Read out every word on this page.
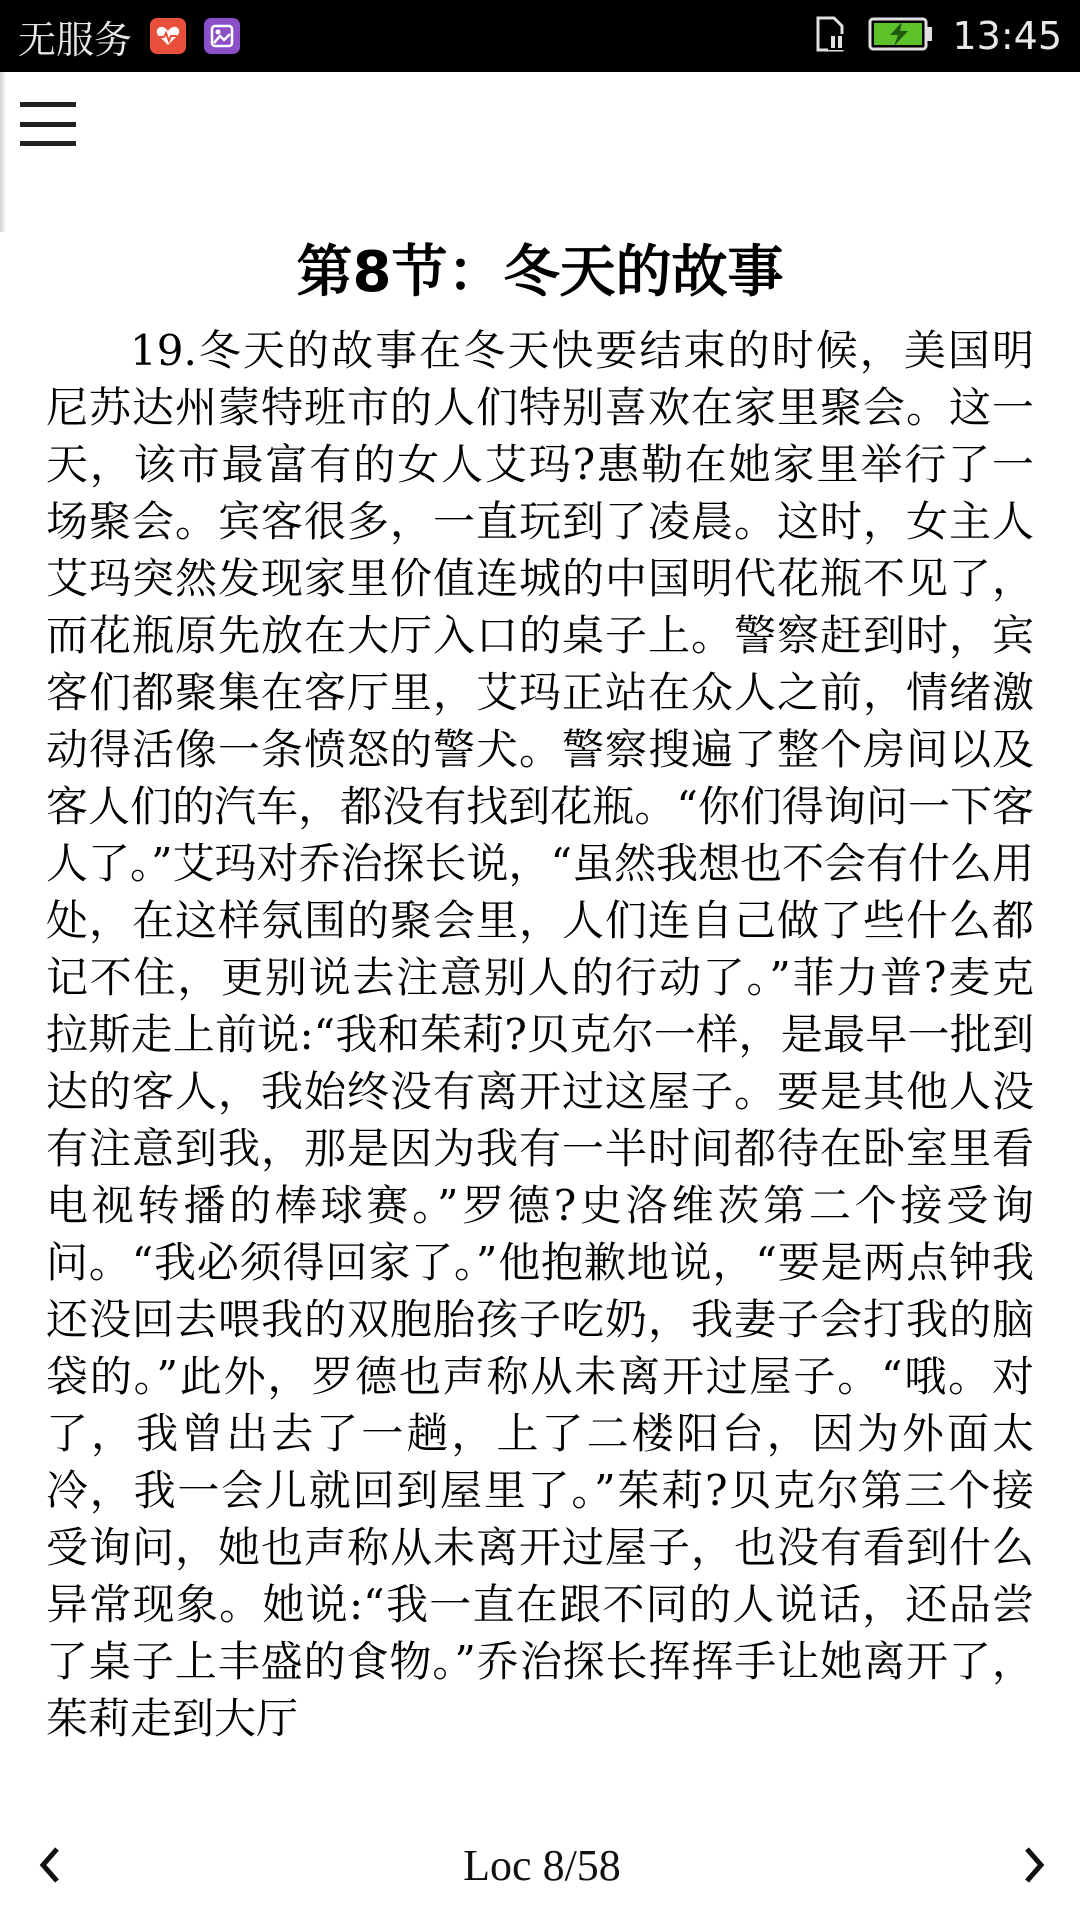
无服务	13:45
第8节：冬天的故事

19.冬天的故事在冬天快要结束的时候，美国明尼苏达州蒙特班市的人们特别喜欢在家里聚会。这一天，该市最富有的女人艾玛?惠勒在她家里举行了一场聚会。宾客很多，一直玩到了凌晨。这时，女主人艾玛突然发现家里价值连城的中国明代花瓶不见了，而花瓶原先放在大厅入口的桌子上。警察赶到时，宾客们都聚集在客厅里，艾玛正站在众人之前，情绪激动得活像一条愤怒的警犬。警察搜遍了整个房间以及客人们的汽车，都没有找到花瓶。“你们得询问一下客人了。”艾玛对乔治探长说，“虽然我想也不会有什么用处，在这样氛围的聚会里，人们连自己做了些什么都记不住，更别说去注意别人的行动了。”菲力普?麦克拉斯走上前说:“我和茱莉?贝克尔一样，是最早一批到达的客人，我始终没有离开过这屋子。要是其他人没有注意到我，那是因为我有一半时间都待在卧室里看电视转播的棒球赛。”罗德?史洛维茨第二个接受询问。“我必须得回家了。”他抱歉地说，“要是两点钟我还没回去喂我的双胞胎孩子吃奶，我妻子会打我的脑袋的。”此外，罗德也声称从未离开过屋子。“哦。对了，我曾出去了一趟，上了二楼阳台，因为外面太冷，我一会儿就回到屋里了。”茱莉?贝克尔第三个接受询问，她也声称从未离开过屋子，也没有看到什么异常现象。她说:“我一直在跟不同的人说话，还品尝了桌子上丰盛的食物。”乔治探长挥挥手让她离开了，茱莉走到大厅

Loc 8/58
